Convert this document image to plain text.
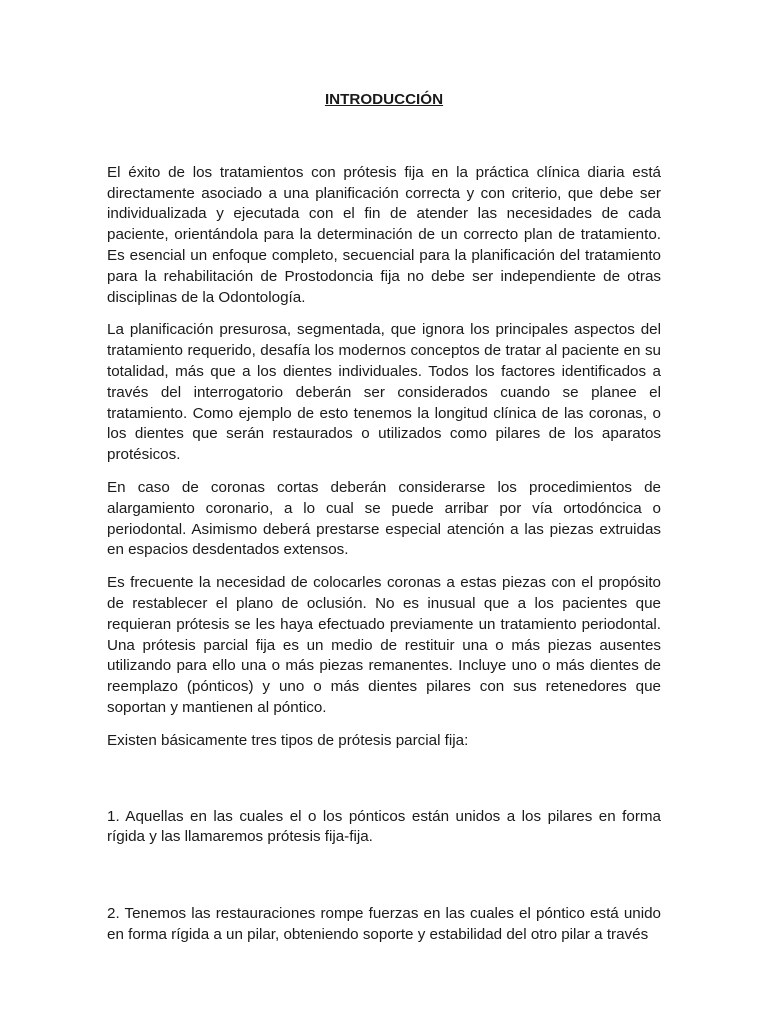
INTRODUCCIÓN

El éxito de los tratamientos con prótesis fija en la práctica clínica diaria está directamente asociado a una planificación correcta y con criterio, que debe ser individualizada y ejecutada con el fin de atender las necesidades de cada paciente, orientándola para la determinación de un correcto plan de tratamiento. Es esencial un enfoque completo, secuencial para la planificación del tratamiento para la rehabilitación de Prostodoncia fija no debe ser independiente de otras disciplinas de la Odontología.

La planificación presurosa, segmentada, que ignora los principales aspectos del tratamiento requerido, desafía los modernos conceptos de tratar al paciente en su totalidad, más que a los dientes individuales. Todos los factores identificados a través del interrogatorio deberán ser considerados cuando se planee el tratamiento. Como ejemplo de esto tenemos la longitud clínica de las coronas, o los dientes que serán restaurados o utilizados como pilares de los aparatos protésicos.

En caso de coronas cortas deberán considerarse los procedimientos de alargamiento coronario, a lo cual se puede arribar por vía ortodóncica o periodontal. Asimismo deberá prestarse especial atención a las piezas extruidas en espacios desdentados extensos.

Es frecuente la necesidad de colocarles coronas a estas piezas con el propósito de restablecer el plano de oclusión. No es inusual que a los pacientes que requieran prótesis se les haya efectuado previamente un tratamiento periodontal. Una prótesis parcial fija es un medio de restituir una o más piezas ausentes utilizando para ello una o más piezas remanentes. Incluye uno o más dientes de reemplazo (pónticos) y uno o más dientes pilares con sus retenedores que soportan y mantienen al póntico.

Existen básicamente tres tipos de prótesis parcial fija:

1. Aquellas en las cuales el o los pónticos están unidos a los pilares en forma rígida y las llamaremos prótesis fija-fija.

2. Tenemos las restauraciones rompe fuerzas en las cuales el póntico está unido en forma rígida a un pilar, obteniendo soporte y estabilidad del otro pilar a través
